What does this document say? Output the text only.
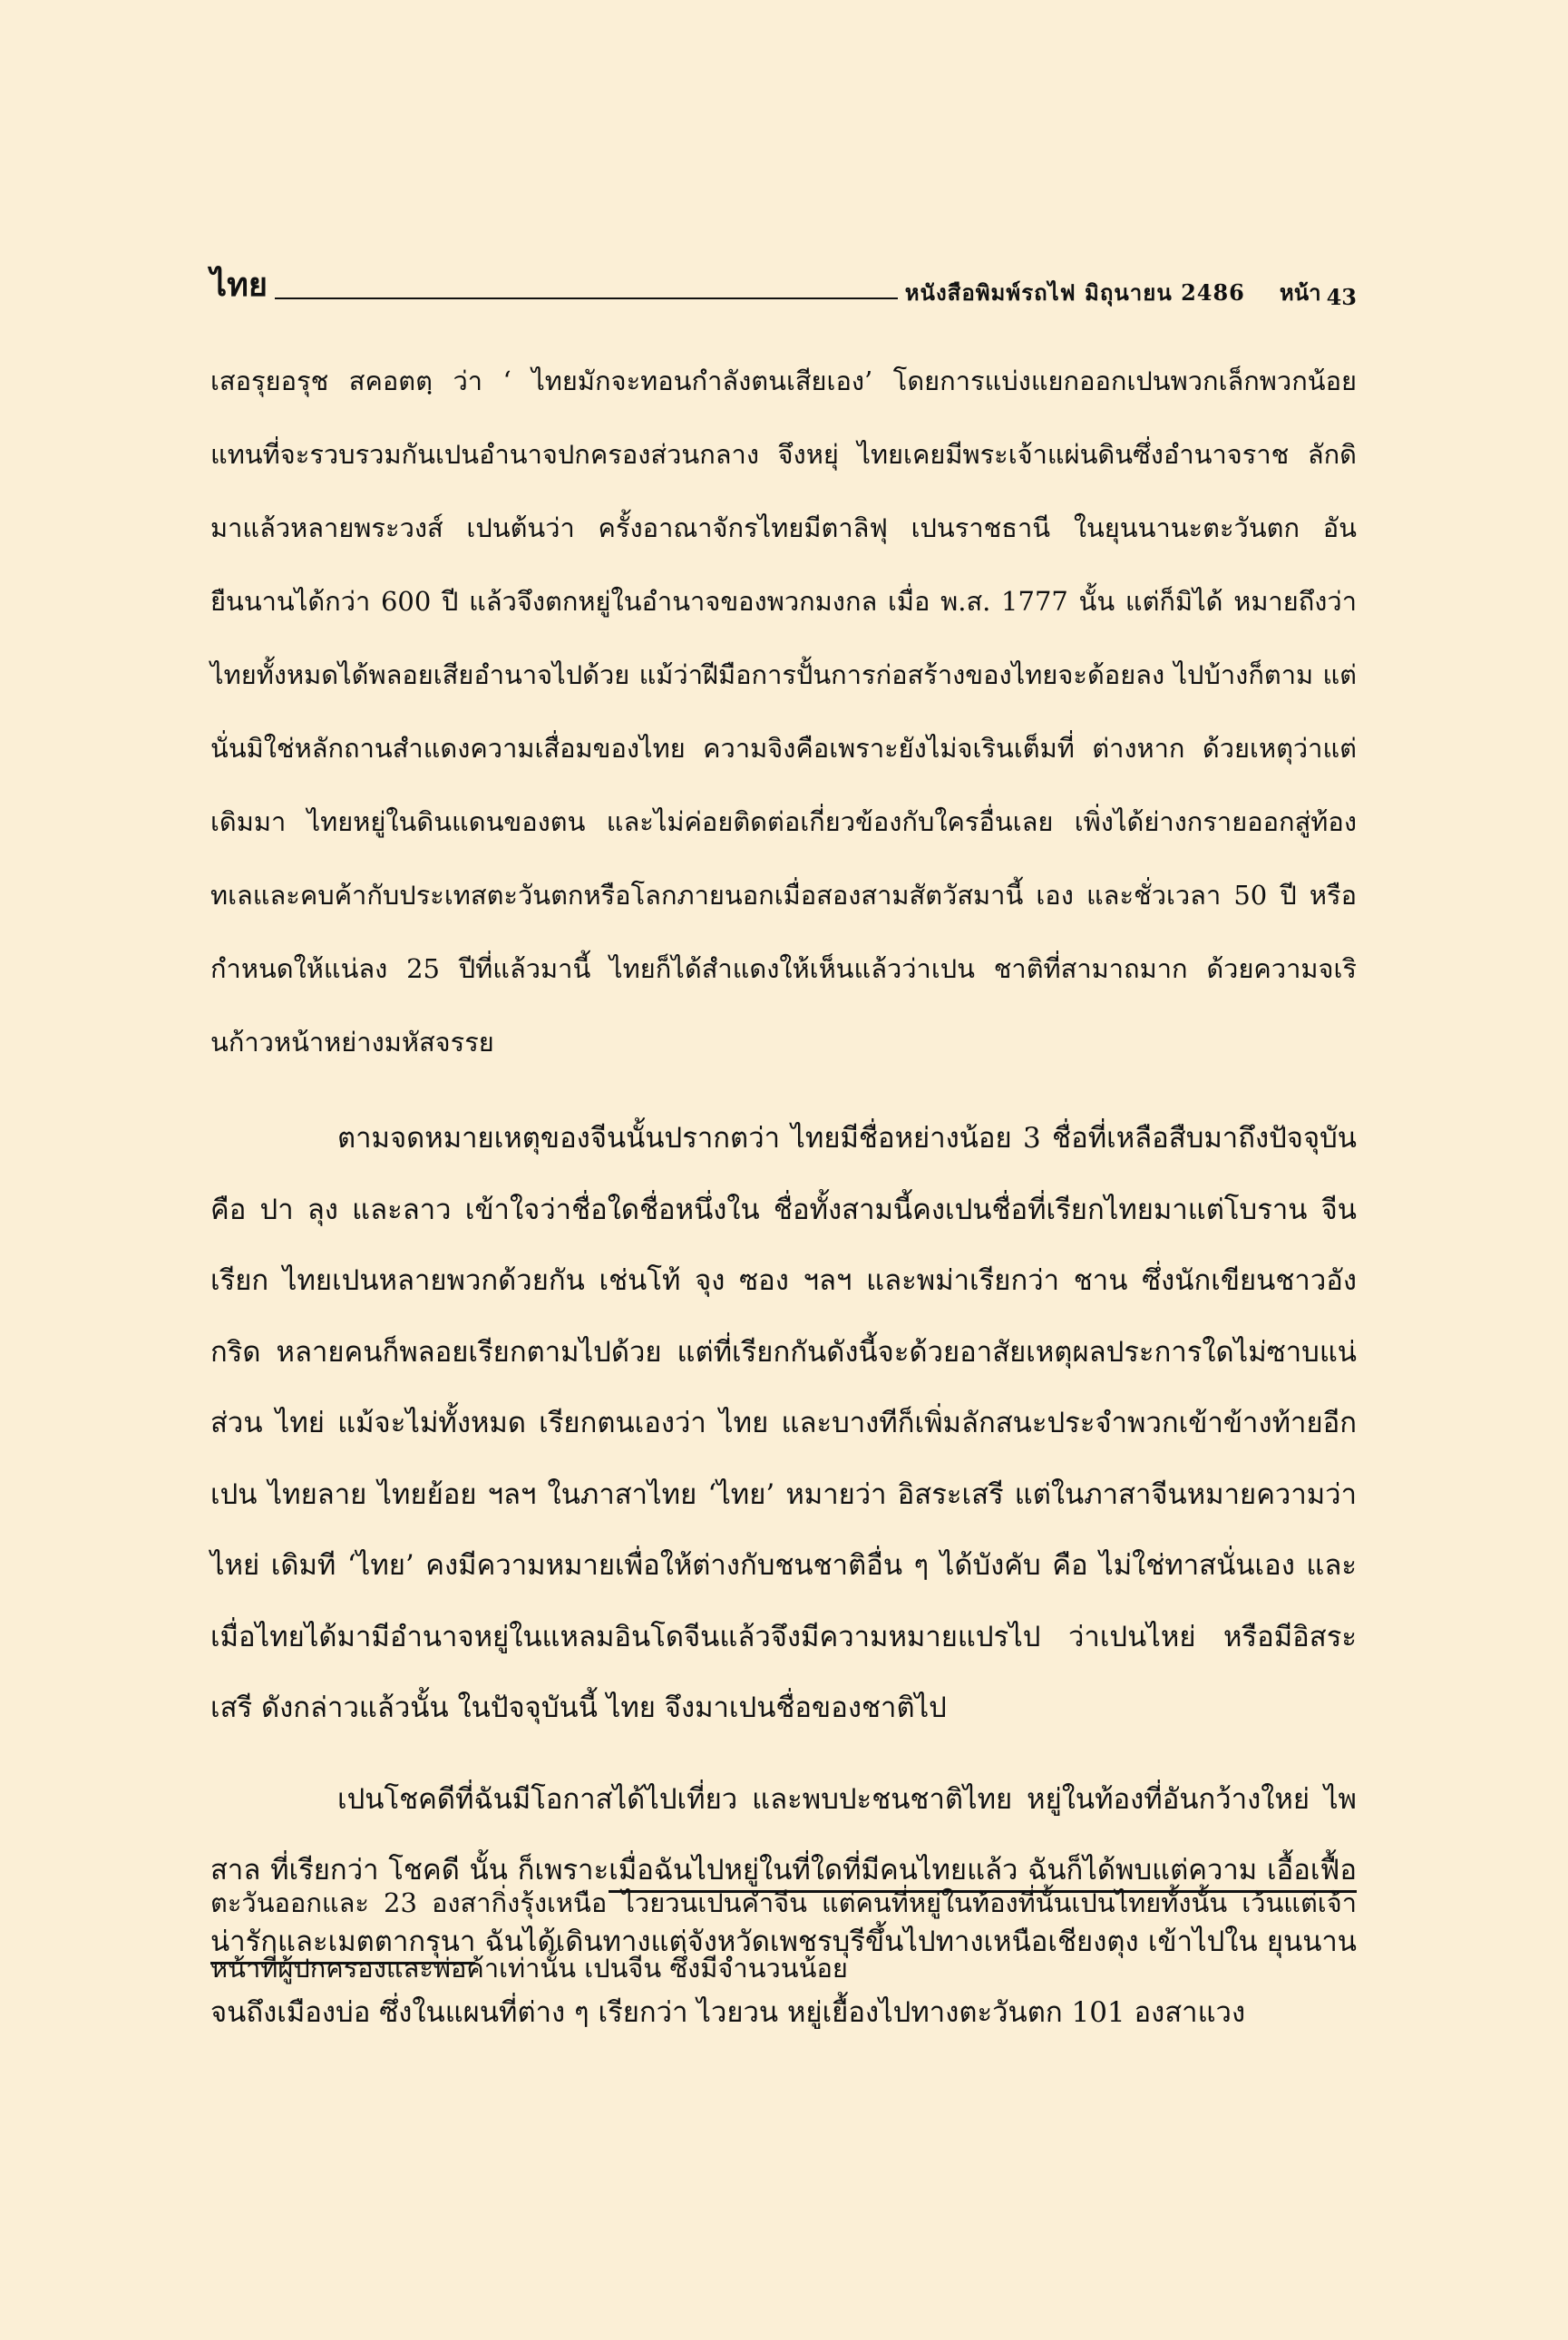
ไทย	หนังสือพิมพ์รถไฟ มิถุนายน 2486 หน้า 43

เสอรุยอรุช สคอตตฺ ว่า ‘ ไทยมักจะทอนกำลังตนเสียเอง’ โดยการแบ่งแยกออกเปนพวกเล็กพวกน้อย แทนที่จะรวบรวมกันเปนอำนาจปกครองส่วนกลาง จึงหยุ่ ไทยเคยมีพระเจ้าแผ่นดินซึ่งอำนาจราช ลักดิมาแล้วหลายพระวงส์ เปนต้นว่า ครั้งอาณาจักรไทยมีตาลิฟุ เปนราชธานี ในยุนนานะตะวันตก อันยืนนานได้กว่า 600 ปี แล้วจึงตกหยู่ในอำนาจของพวกมงกล เมื่อ พ.ส. 1777 นั้น แต่ก็มิได้ หมายถึงว่าไทยทั้งหมดได้พลอยเสียอำนาจไปด้วย แม้ว่าฝีมือการปั้นการก่อสร้างของไทยจะด้อยลง ไปบ้างก็ตาม แต่นั่นมิใช่หลักถานสำแดงความเสื่อมของไทย ความจิงคือเพราะยังไม่จเรินเต็มที่ ต่างหาก ด้วยเหตุว่าแต่เดิมมา ไทยหยู่ในดินแดนของตน และไม่ค่อยติดต่อเกี่ยวข้องกับใครอื่นเลย เพิ่งได้ย่างกรายออกสู่ท้องทเลและคบค้ากับประเทสตะวันตกหรือโลกภายนอกเมื่อสองสามสัตวัสมานี้ เอง และชั่วเวลา 50 ปี หรือกำหนดให้แน่ลง 25 ปีที่แล้วมานี้ ไทยก็ได้สำแดงให้เห็นแล้วว่าเปน ชาติที่สามาถมาก ด้วยความจเรินก้าวหน้าหย่างมหัสจรรย

ตามจดหมายเหตุของจีนนั้นปรากตว่า ไทยมีชื่อหย่างน้อย 3 ชื่อที่เหลือสืบมาถึงปัจจุบัน คือ ปา ลุง และลาว เข้าใจว่าชื่อใดชื่อหนึ่งใน ชื่อทั้งสามนี้คงเปนชื่อที่เรียกไทยมาแต่โบราน จีนเรียก ไทยเปนหลายพวกด้วยกัน เช่นโท้ จุง ซอง ฯลฯ และพม่าเรียกว่า ชาน ซึ่งนักเขียนชาวอังกริด หลายคนก็พลอยเรียกตามไปด้วย แต่ที่เรียกกันดังนี้จะด้วยอาสัยเหตุผลประการใดไม่ซาบแน่ ส่วน ไทย่ แม้จะไม่ทั้งหมด เรียกตนเองว่า ไทย และบางทีก็เพิ่มลักสนะประจำพวกเข้าข้างท้ายอีก เปน ไทยลาย ไทยย้อย ฯลฯ ในภาสาไทย ‘ไทย’ หมายว่า อิสระเสรี แต่ในภาสาจีนหมายความว่า ไหย่ เดิมที ‘ไทย’ คงมีความหมายเพื่อให้ต่างกับชนชาติอื่น ๆ ได้บังคับ คือ ไม่ใช่ทาสนั่นเอง และ เมื่อไทยได้มามีอำนาจหยู่ในแหลมอินโดจีนแล้วจึงมีความหมายแปรไป ว่าเปนไหย่ หรือมีอิสระเสรี ดังกล่าวแล้วนั้น ในปัจจุบันนี้ ไทย จึงมาเปนชื่อของชาติไป

เปนโชคดีที่ฉันมีโอกาสได้ไปเที่ยว และพบปะชนชาติไทย หยู่ในท้องที่อันกว้างใหย่ ไพสาล ที่เรียกว่า โชคดี นั้น ก็เพราะเมื่อฉันไปหยู่ในที่ใดที่มีคนไทยแล้ว ฉันก็ได้พบแต่ความ เอื้อเฟื้อน่ารักและเมตตากรุนา ฉันได้เดินทางแต่จังหวัดเพชรบุรีขึ้นไปทางเหนือเชียงตุง เข้าไปใน ยุนนานจนถึงเมืองบ่อ ซึ่งในแผนที่ต่าง ๆ เรียกว่า ไวยวน หยู่เยื้องไปทางตะวันตก 101 องสาแวง

ตะวันออกและ 23 องสากิ่งรุ้งเหนือ ไวยวนเปนคำจีน แต่คนที่หยู่ในท้องที่นั้นเปนไทยทั้งนั้น เว้นแต่เจ้าหน้าที่ผู้ปกครองและพ่อค้าเท่านั้น เปนจีน ซึ่งมีจำนวนน้อย
